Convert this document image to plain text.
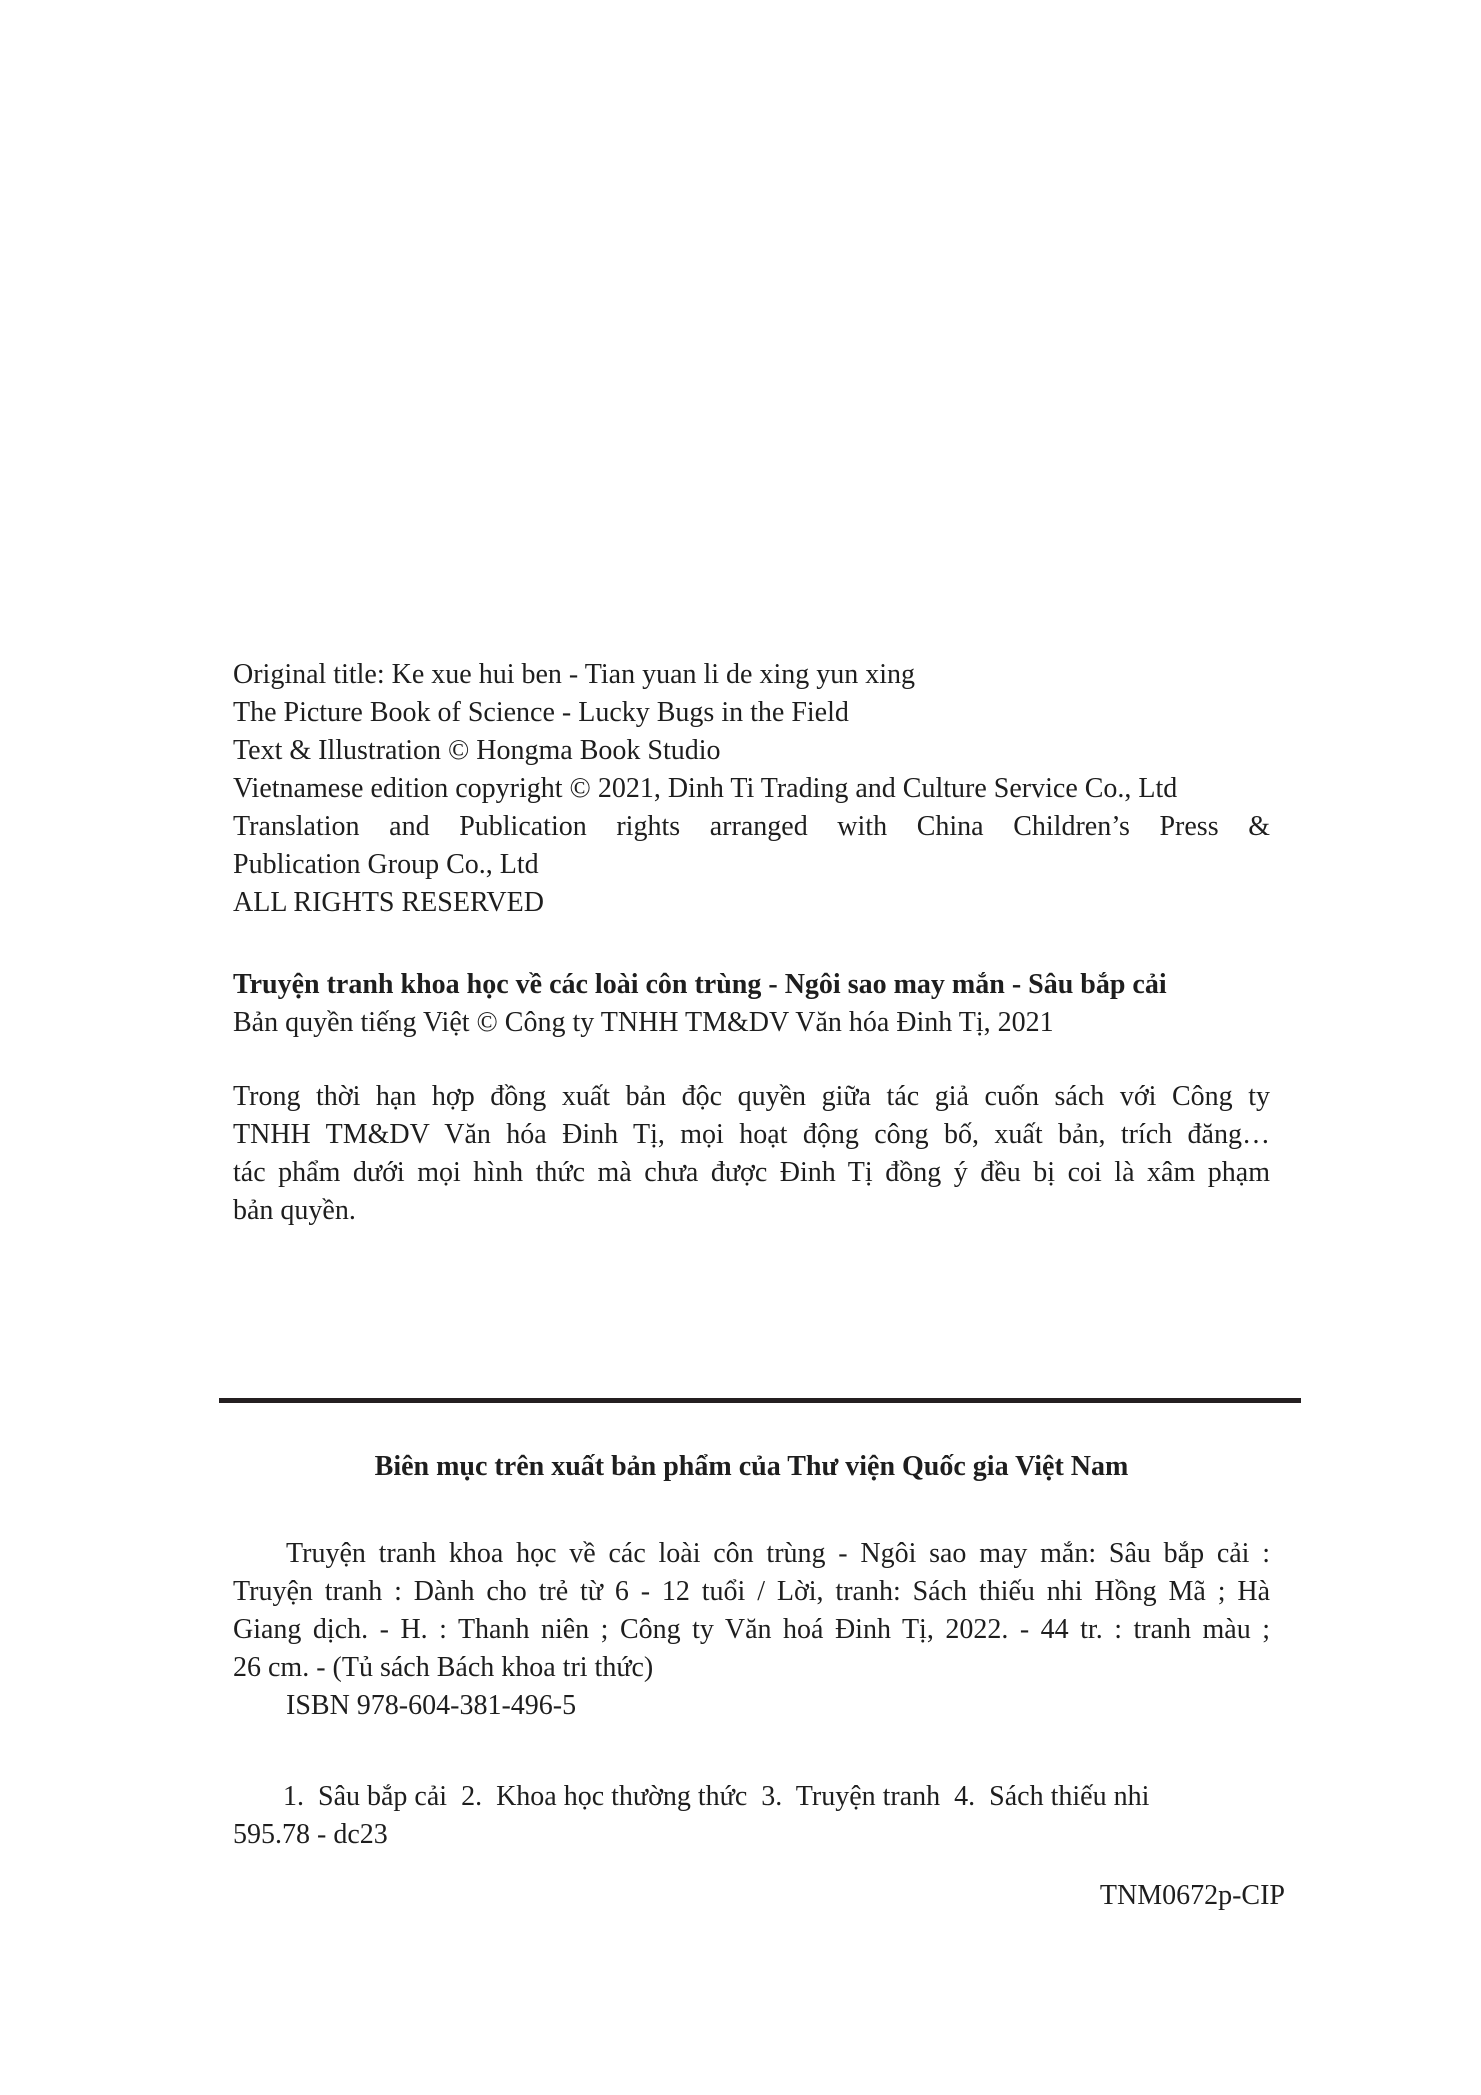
Original title: Ke xue hui ben - Tian yuan li de xing yun xing
The Picture Book of Science - Lucky Bugs in the Field
Text & Illustration © Hongma Book Studio
Vietnamese edition copyright © 2021, Dinh Ti Trading and Culture Service Co., Ltd
Translation and Publication rights arranged with China Children’s Press &
Publication Group Co., Ltd
ALL RIGHTS RESERVED
Truyện tranh khoa học về các loài côn trùng - Ngôi sao may mắn - Sâu bắp cải
Bản quyền tiếng Việt © Công ty TNHH TM&DV Văn hóa Đinh Tị, 2021
Trong thời hạn hợp đồng xuất bản độc quyền giữa tác giả cuốn sách với Công ty
TNHH TM&DV Văn hóa Đinh Tị, mọi hoạt động công bố, xuất bản, trích đăng…
tác phẩm dưới mọi hình thức mà chưa được Đinh Tị đồng ý đều bị coi là xâm phạm
bản quyền.
Biên mục trên xuất bản phẩm của Thư viện Quốc gia Việt Nam
Truyện tranh khoa học về các loài côn trùng - Ngôi sao may mắn: Sâu bắp cải :
Truyện tranh : Dành cho trẻ từ 6 - 12 tuổi / Lời, tranh: Sách thiếu nhi Hồng Mã ; Hà
Giang dịch. - H. : Thanh niên ; Công ty Văn hoá Đinh Tị, 2022. - 44 tr. : tranh màu ;
26 cm. - (Tủ sách Bách khoa tri thức)
ISBN 978-604-381-496-5
1.  Sâu bắp cải  2.  Khoa học thường thức  3.  Truyện tranh  4.  Sách thiếu nhi
595.78 - dc23
TNM0672p-CIP
